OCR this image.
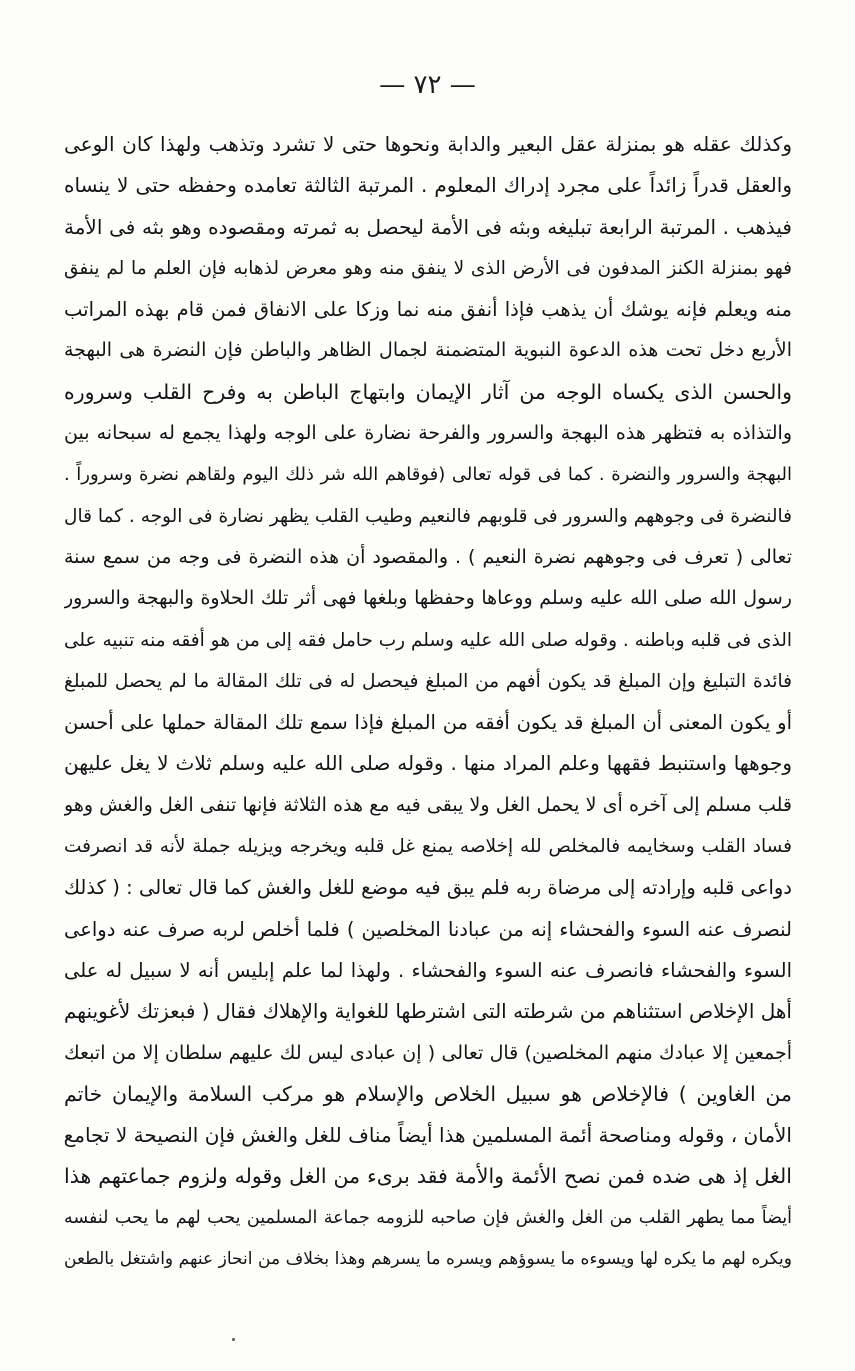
— ٧٢ —
وكذلك عقله هو بمنزلة عقل البعير والدابة ونحوها حتى لا تشرد وتذهب ولهذا كان الوعى
والعقل قدراً زائداً على مجرد إدراك المعلوم . المرتبة الثالثة تعامده وحفظه حتى لا ينساه
فيذهب . المرتبة الرابعة تبليغه وبثه فى الأمة ليحصل به ثمرته ومقصوده وهو بثه فى الأمة
فهو بمنزلة الكنز المدفون فى الأرض الذى لا ينفق منه وهو معرض لذهابه فإن العلم ما لم ينفق
منه ويعلم فإنه يوشك أن يذهب فإذا أنفق منه نما وزكا على الانفاق فمن قام بهذه المراتب
الأربع دخل تحت هذه الدعوة النبوية المتضمنة لجمال الظاهر والباطن فإن النضرة هى البهجة
والحسن الذى يكساه الوجه من آثار الإيمان وابتهاج الباطن به وفرح القلب وسروره
والتذاذه به فتظهر هذه البهجة والسرور والفرحة نضارة على الوجه ولهذا يجمع له سبحانه بين
البهجة والسرور والنضرة . كما فى قوله تعالى (فوقاهم الله شر ذلك اليوم ولقاهم نضرة وسروراً .
فالنضرة فى وجوههم والسرور فى قلوبهم فالنعيم وطيب القلب يظهر نضارة فى الوجه . كما قال
تعالى ( تعرف فى وجوههم نضرة النعيم ) . والمقصود أن هذه النضرة فى وجه من سمع سنة
رسول الله صلى الله عليه وسلم ووعاها وحفظها وبلغها فهى أثر تلك الحلاوة والبهجة والسرور
الذى فى قلبه وباطنه . وقوله صلى الله عليه وسلم رب حامل فقه إلى من هو أفقه منه تنبيه على
فائدة التبليغ وإن المبلغ قد يكون أفهم من المبلغ فيحصل له فى تلك المقالة ما لم يحصل للمبلغ
أو يكون المعنى أن المبلغ قد يكون أفقه من المبلغ فإذا سمع تلك المقالة حملها على أحسن
وجوهها واستنبط فقهها وعلم المراد منها . وقوله صلى الله عليه وسلم ثلاث لا يغل عليهن
قلب مسلم إلى آخره أى لا يحمل الغل ولا يبقى فيه مع هذه الثلاثة فإنها تنفى الغل والغش وهو
فساد القلب وسخايمه فالمخلص لله إخلاصه يمنع غل قلبه ويخرجه ويزيله جملة لأنه قد انصرفت
دواعى قلبه وإرادته إلى مرضاة ربه فلم يبق فيه موضع للغل والغش كما قال تعالى : ( كذلك
لنصرف عنه السوء والفحشاء إنه من عبادنا المخلصين ) فلما أخلص لربه صرف عنه دواعى
السوء والفحشاء فانصرف عنه السوء والفحشاء . ولهذا لما علم إبليس أنه لا سبيل له على
أهل الإخلاص استثناهم من شرطته التى اشترطها للغواية والإهلاك فقال ( فبعزتك لأغوينهم
أجمعين إلا عبادك منهم المخلصين) قال تعالى ( إن عبادى ليس لك عليهم سلطان إلا من اتبعك
من الغاوين ) فالإخلاص هو سبيل الخلاص والإسلام هو مركب السلامة والإيمان خاتم
الأمان ، وقوله ومناصحة أئمة المسلمين هذا أيضاً مناف للغل والغش فإن النصيحة لا تجامع
الغل إذ هى ضده فمن نصح الأئمة والأمة فقد برىء من الغل وقوله ولزوم جماعتهم هذا
أيضاً مما يطهر القلب من الغل والغش فإن صاحبه للزومه جماعة المسلمين يحب لهم ما يحب لنفسه
ويكره لهم ما يكره لها ويسوءه ما يسوؤهم ويسره ما يسرهم وهذا بخلاف من انحاز عنهم واشتغل بالطعن
